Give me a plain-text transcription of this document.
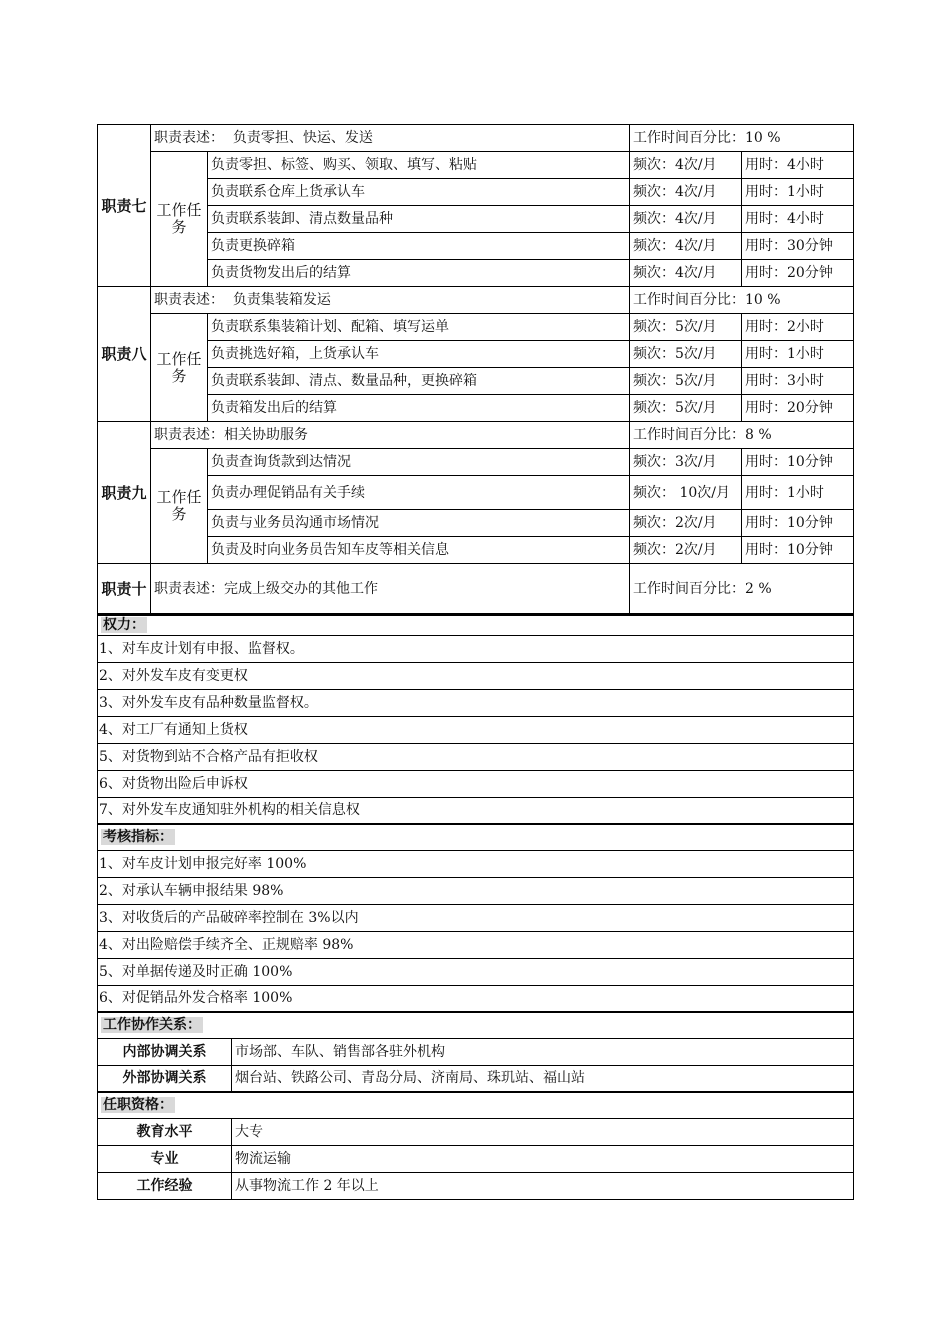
职责七	职责表述： 负责零担、快运、发送		工作时间百分比：10 %	
	工作任务	负责零担、标签、购买、领取、填写、粘贴	频次：4次/月	用时：4小时
		负责联系仓库上货承认车	频次：4次/月	用时：1小时
		负责联系装卸、清点数量品种	频次：4次/月	用时：4小时
		负责更换碎箱	频次：4次/月	用时：30分钟
		负责货物发出后的结算	频次：4次/月	用时：20分钟
职责八	职责表述： 负责集装箱发运		工作时间百分比：10 %	
	工作任务	负责联系集装箱计划、配箱、填写运单	频次：5次/月	用时：2小时
		负责挑选好箱，上货承认车	频次：5次/月	用时：1小时
		负责联系装卸、清点、数量品种，更换碎箱	频次：5次/月	用时：3小时
		负责箱发出后的结算	频次：5次/月	用时：20分钟
职责九	职责表述：相关协助服务		工作时间百分比：8 %	
	工作任务	负责查询货款到达情况	频次：3次/月	用时：10分钟
		负责办理促销品有关手续	频次： 10次/月	用时：1小时
		负责与业务员沟通市场情况	频次：2次/月	用时：10分钟
		负责及时向业务员告知车皮等相关信息	频次：2次/月	用时：10分钟
职责十	职责表述：完成上级交办的其他工作		工作时间百分比：2 %	
权力：	
1、对车皮计划有申报、监督权。	
2、对外发车皮有变更权	
3、对外发车皮有品种数量监督权。	
4、对工厂有通知上货权	
5、对货物到站不合格产品有拒收权	
6、对货物出险后申诉权	
7、对外发车皮通知驻外机构的相关信息权	
考核指标：	
1、对车皮计划申报完好率 100%	
2、对承认车辆申报结果 98%	
3、对收货后的产品破碎率控制在 3%以内	
4、对出险赔偿手续齐全、正规赔率 98%	
5、对单据传递及时正确 100%	
6、对促销品外发合格率 100%	
工作协作关系：	
内部协调关系	市场部、车队、销售部各驻外机构
外部协调关系	烟台站、铁路公司、青岛分局、济南局、珠玑站、福山站
任职资格：	
教育水平	大专
专业	物流运输
工作经验	从事物流工作 2 年以上
